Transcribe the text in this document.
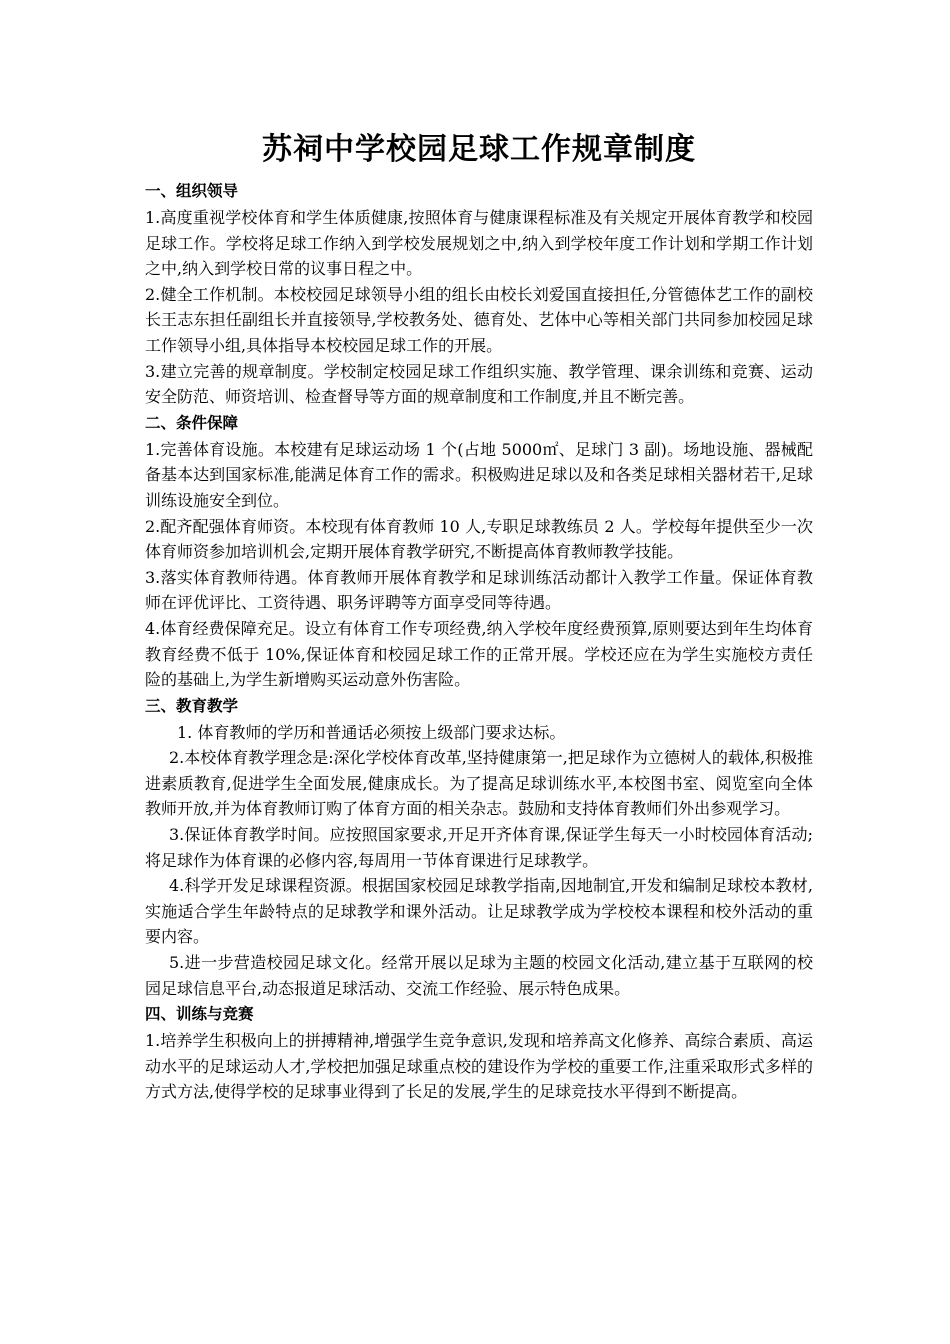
苏祠中学校园足球工作规章制度
一、组织领导

1.高度重视学校体育和学生体质健康,按照体育与健康课程标准及有关规定开展体育教学和校园足球工作。学校将足球工作纳入到学校发展规划之中,纳入到学校年度工作计划和学期工作计划之中,纳入到学校日常的议事日程之中。

2.健全工作机制。本校校园足球领导小组的组长由校长刘爱国直接担任,分管德体艺工作的副校长王志东担任副组长并直接领导,学校教务处、德育处、艺体中心等相关部门共同参加校园足球工作领导小组,具体指导本校校园足球工作的开展。

3.建立完善的规章制度。学校制定校园足球工作组织实施、教学管理、课余训练和竞赛、运动安全防范、师资培训、检查督导等方面的规章制度和工作制度,并且不断完善。

二、条件保障

1.完善体育设施。本校建有足球运动场 1 个(占地 5000㎡、足球门 3 副)。场地设施、器械配备基本达到国家标准,能满足体育工作的需求。积极购进足球以及和各类足球相关器材若干,足球训练设施安全到位。

2.配齐配强体育师资。本校现有体育教师 10 人,专职足球教练员 2 人。学校每年提供至少一次体育师资参加培训机会,定期开展体育教学研究,不断提高体育教师教学技能。

3.落实体育教师待遇。体育教师开展体育教学和足球训练活动都计入教学工作量。保证体育教师在评优评比、工资待遇、职务评聘等方面享受同等待遇。

4.体育经费保障充足。设立有体育工作专项经费,纳入学校年度经费预算,原则要达到年生均体育教育经费不低于 10%,保证体育和校园足球工作的正常开展。学校还应在为学生实施校方责任险的基础上,为学生新增购买运动意外伤害险。

三、教育教学

1. 体育教师的学历和普通话必须按上级部门要求达标。

2.本校体育教学理念是:深化学校体育改革,坚持健康第一,把足球作为立德树人的载体,积极推进素质教育,促进学生全面发展,健康成长。为了提高足球训练水平,本校图书室、阅览室向全体教师开放,并为体育教师订购了体育方面的相关杂志。鼓励和支持体育教师们外出参观学习。

3.保证体育教学时间。应按照国家要求,开足开齐体育课,保证学生每天一小时校园体育活动;将足球作为体育课的必修内容,每周用一节体育课进行足球教学。

4.科学开发足球课程资源。根据国家校园足球教学指南,因地制宜,开发和编制足球校本教材,实施适合学生年龄特点的足球教学和课外活动。让足球教学成为学校校本课程和校外活动的重要内容。

5.进一步营造校园足球文化。经常开展以足球为主题的校园文化活动,建立基于互联网的校园足球信息平台,动态报道足球活动、交流工作经验、展示特色成果。

四、训练与竞赛

1.培养学生积极向上的拼搏精神,增强学生竞争意识,发现和培养高文化修养、高综合素质、高运动水平的足球运动人才,学校把加强足球重点校的建设作为学校的重要工作,注重采取形式多样的方式方法,使得学校的足球事业得到了长足的发展,学生的足球竞技水平得到不断提高。
